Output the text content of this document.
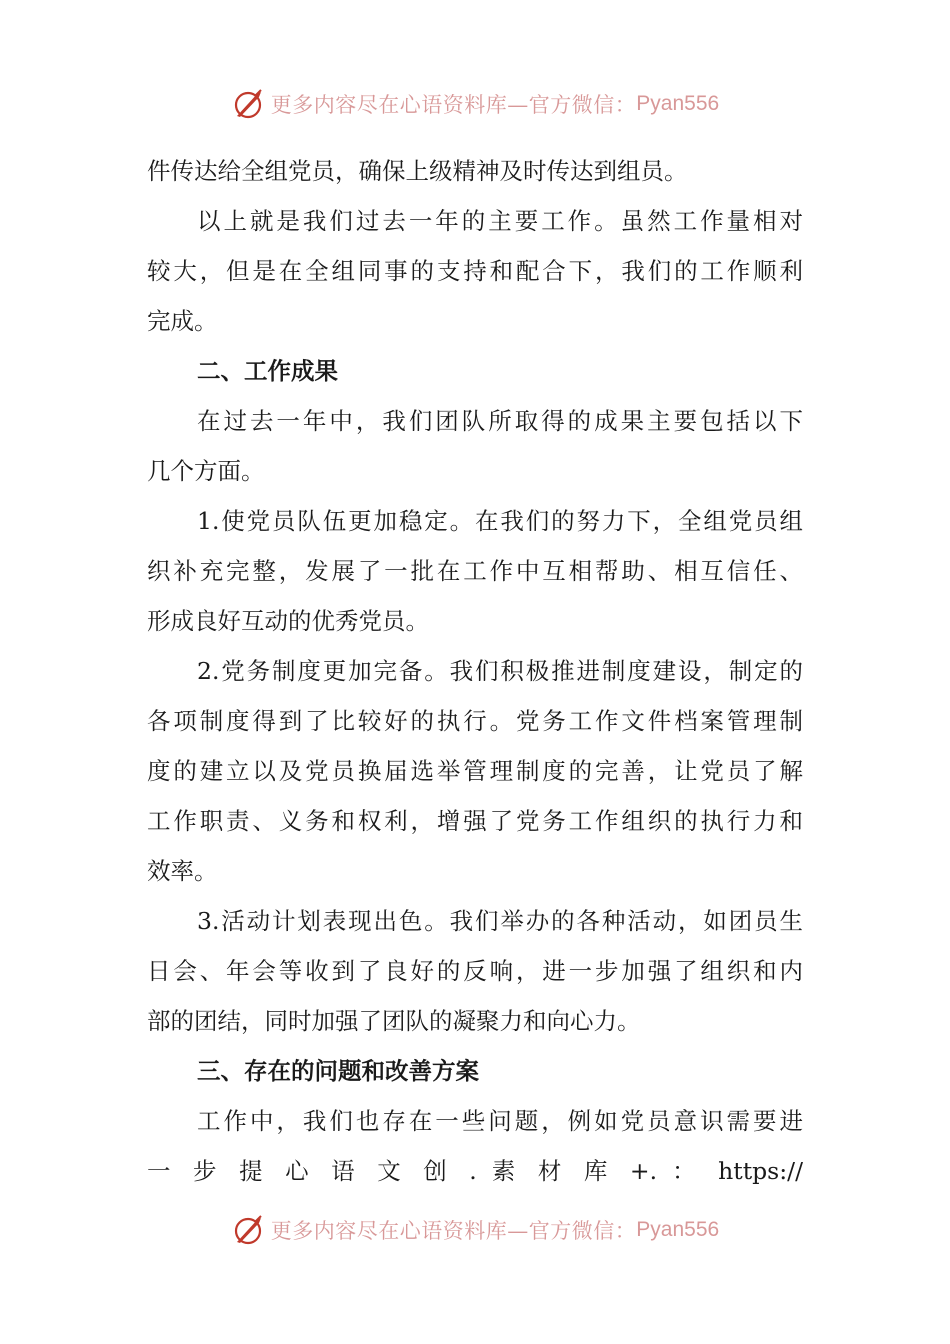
更多内容尽在心语资料库—官方微信： Pyan556
件传达给全组党员，确保上级精神及时传达到组员。
以上就是我们过去一年的主要工作。虽然工作量相对
较大，但是在全组同事的支持和配合下，我们的工作顺利
完成。
二、工作成果
在过去一年中，我们团队所取得的成果主要包括以下
几个方面。
1.使党员队伍更加稳定。在我们的努力下，全组党员组
织补充完整，发展了一批在工作中互相帮助、相互信任、
形成良好互动的优秀党员。
2.党务制度更加完备。我们积极推进制度建设，制定的
各项制度得到了比较好的执行。党务工作文件档案管理制
度的建立以及党员换届选举管理制度的完善，让党员了解
工作职责、义务和权利，增强了党务工作组织的执行力和
效率。
3.活动计划表现出色。我们举办的各种活动，如团员生
日会、年会等收到了良好的反响，进一步加强了组织和内
部的团结，同时加强了团队的凝聚力和向心力。
三、存在的问题和改善方案
工作中，我们也存在一些问题，例如党员意识需要进
一 步 提 心 语 文 创 . 素 材 库 +. ： https://
更多内容尽在心语资料库—官方微信： Pyan556
